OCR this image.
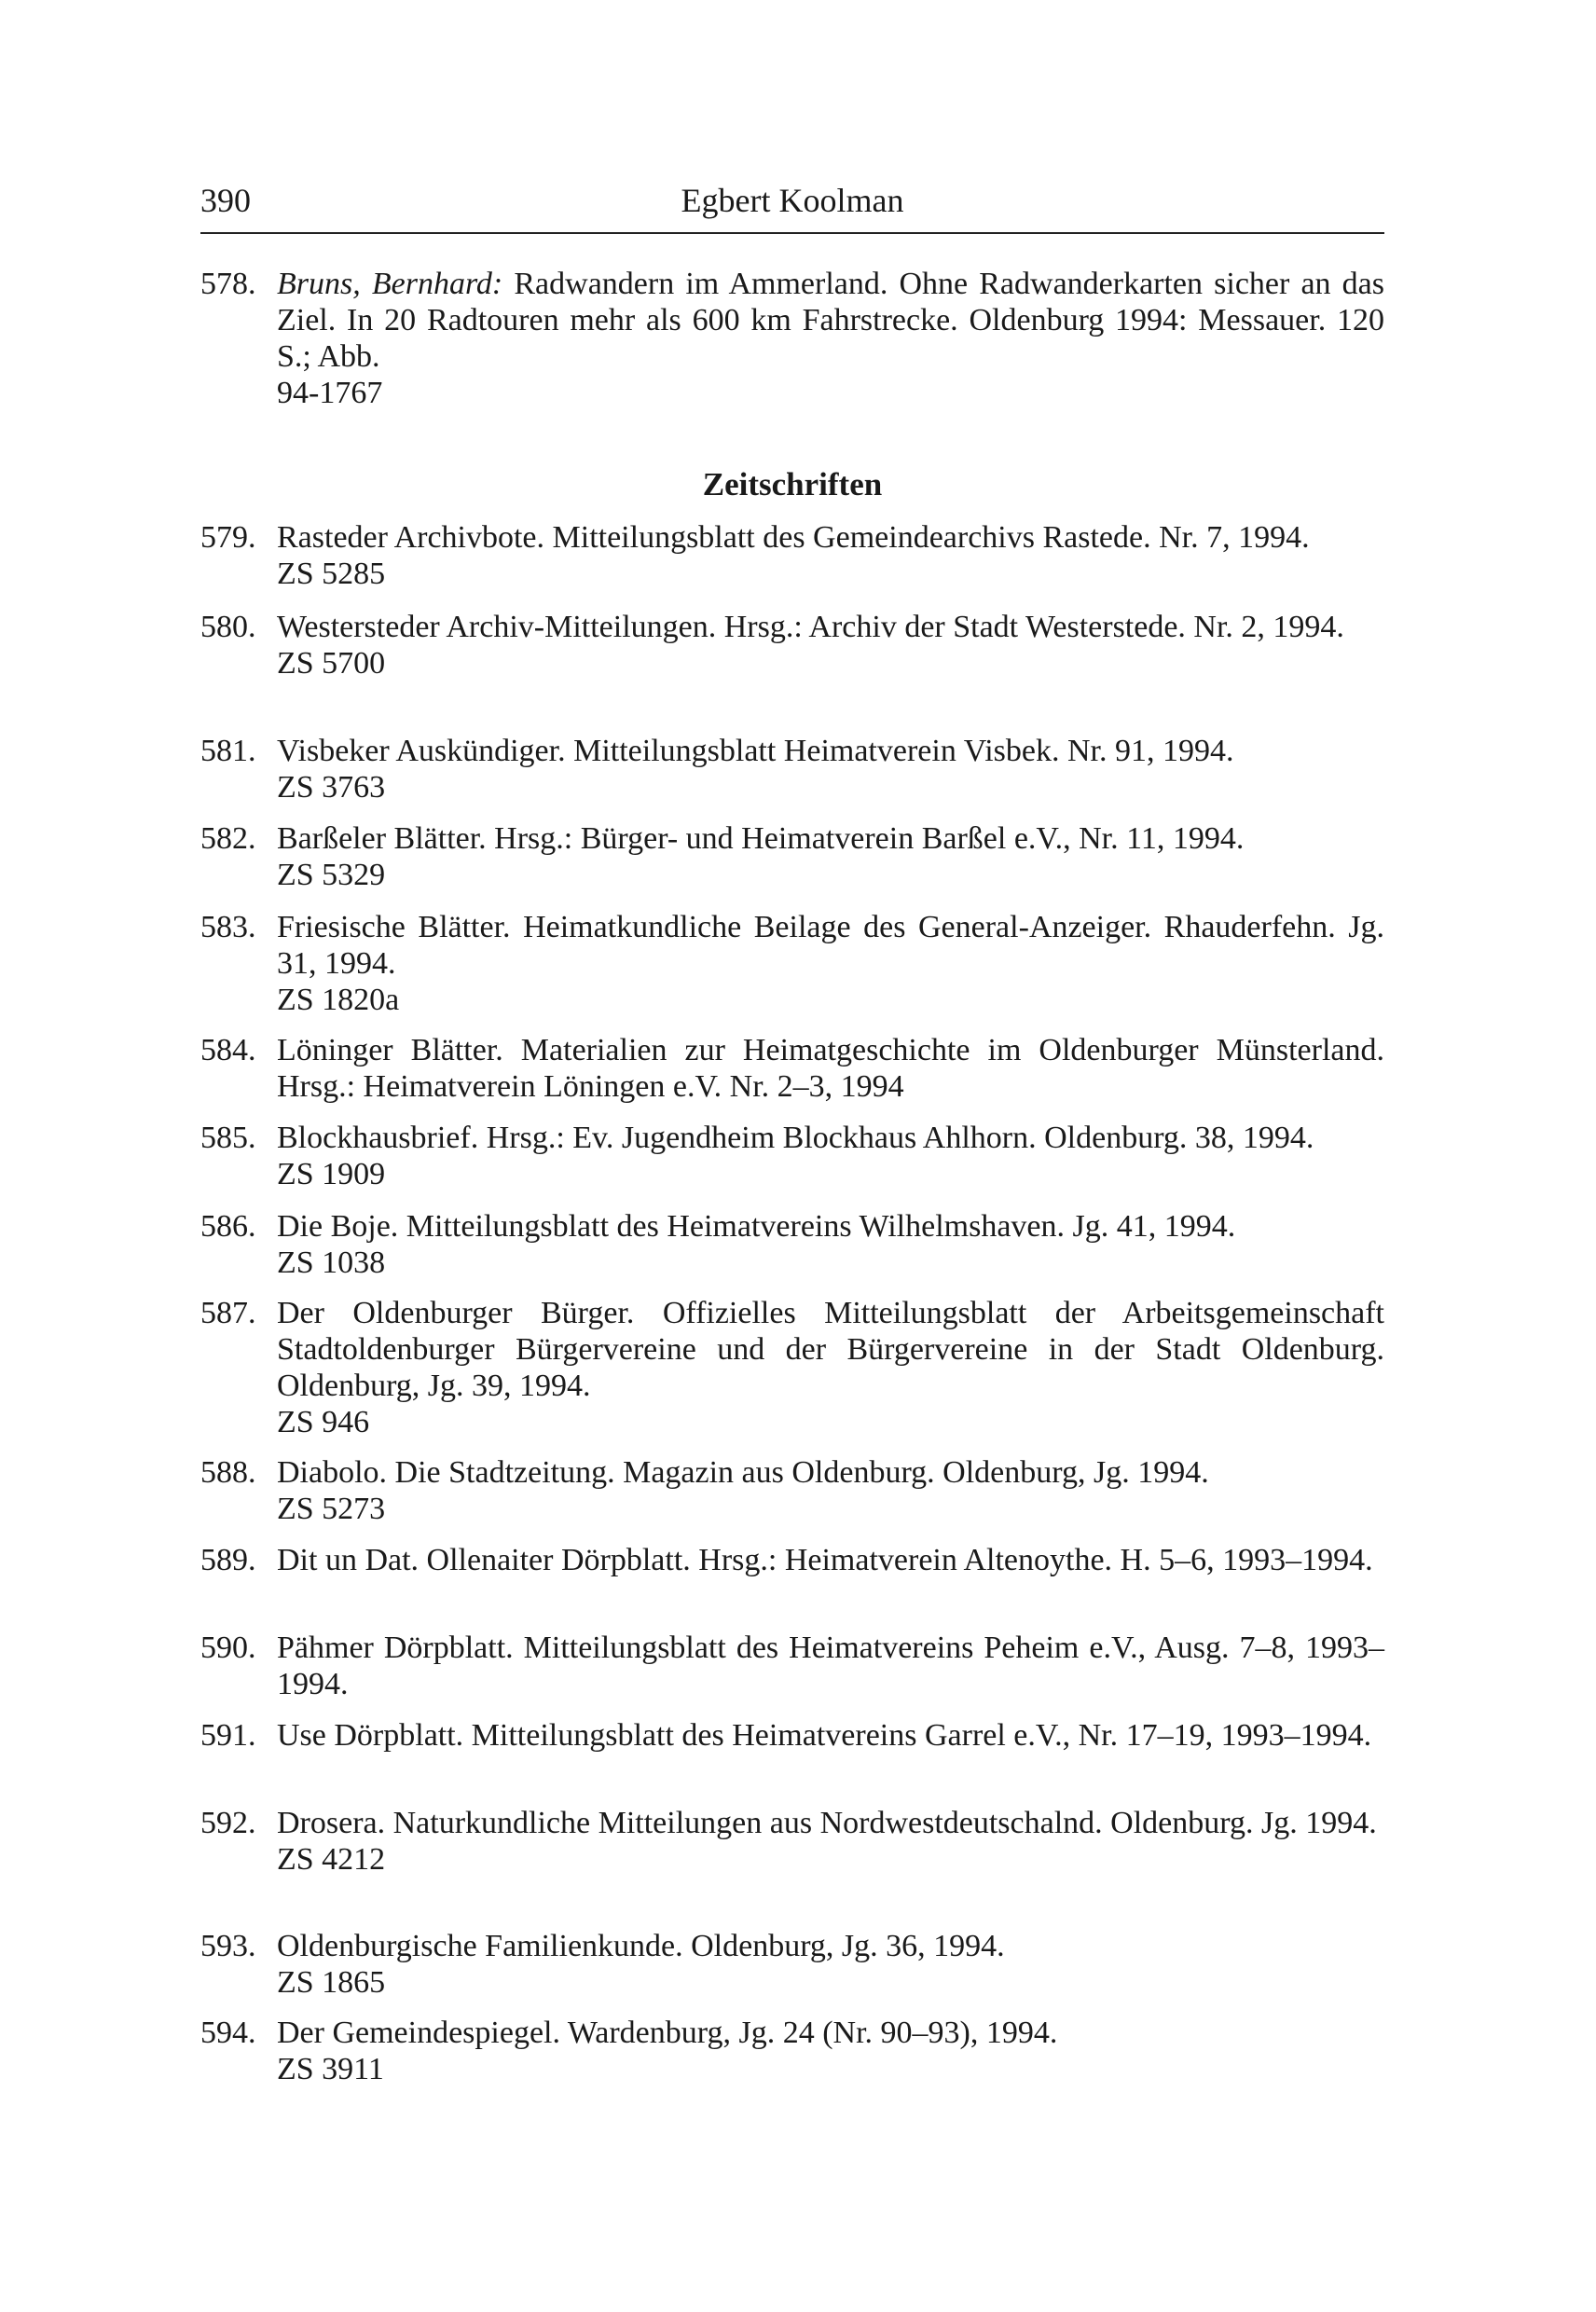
390	Egbert Koolman
578. Bruns, Bernhard: Radwandern im Ammerland. Ohne Radwanderkarten sicher an das Ziel. In 20 Radtouren mehr als 600 km Fahrstrecke. Oldenburg 1994: Messauer. 120 S.; Abb.
94-1767
Zeitschriften
579. Rasteder Archivbote. Mitteilungsblatt des Gemeindearchivs Rastede. Nr. 7, 1994.
ZS 5285
580. Westersteder Archiv-Mitteilungen. Hrsg.: Archiv der Stadt Westerstede. Nr. 2, 1994.
ZS 5700
581. Visbeker Auskündiger. Mitteilungsblatt Heimatverein Visbek. Nr. 91, 1994.
ZS 3763
582. Barßeler Blätter. Hrsg.: Bürger- und Heimatverein Barßel e.V., Nr. 11, 1994.
ZS 5329
583. Friesische Blätter. Heimatkundliche Beilage des General-Anzeiger. Rhauderfehn. Jg. 31, 1994.
ZS 1820a
584. Löninger Blätter. Materialien zur Heimatgeschichte im Oldenburger Münsterland. Hrsg.: Heimatverein Löningen e.V. Nr. 2–3, 1994
585. Blockhausbrief. Hrsg.: Ev. Jugendheim Blockhaus Ahlhorn. Oldenburg. 38, 1994.
ZS 1909
586. Die Boje. Mitteilungsblatt des Heimatvereins Wilhelmshaven. Jg. 41, 1994.
ZS 1038
587. Der Oldenburger Bürger. Offizielles Mitteilungsblatt der Arbeitsgemeinschaft Stadtoldenburger Bürgervereine und der Bürgervereine in der Stadt Oldenburg. Oldenburg, Jg. 39, 1994.
ZS 946
588. Diabolo. Die Stadtzeitung. Magazin aus Oldenburg. Oldenburg, Jg. 1994.
ZS 5273
589. Dit un Dat. Ollenaiter Dörpblatt. Hrsg.: Heimatverein Altenoythe. H. 5–6, 1993–1994.
590. Pähmer Dörpblatt. Mitteilungsblatt des Heimatvereins Peheim e.V., Ausg. 7–8, 1993–1994.
591. Use Dörpblatt. Mitteilungsblatt des Heimatvereins Garrel e.V., Nr. 17–19, 1993–1994.
592. Drosera. Naturkundliche Mitteilungen aus Nordwestdeutschalnd. Oldenburg. Jg. 1994.
ZS 4212
593. Oldenburgische Familienkunde. Oldenburg, Jg. 36, 1994.
ZS 1865
594. Der Gemeindespiegel. Wardenburg, Jg. 24 (Nr. 90–93), 1994.
ZS 3911
